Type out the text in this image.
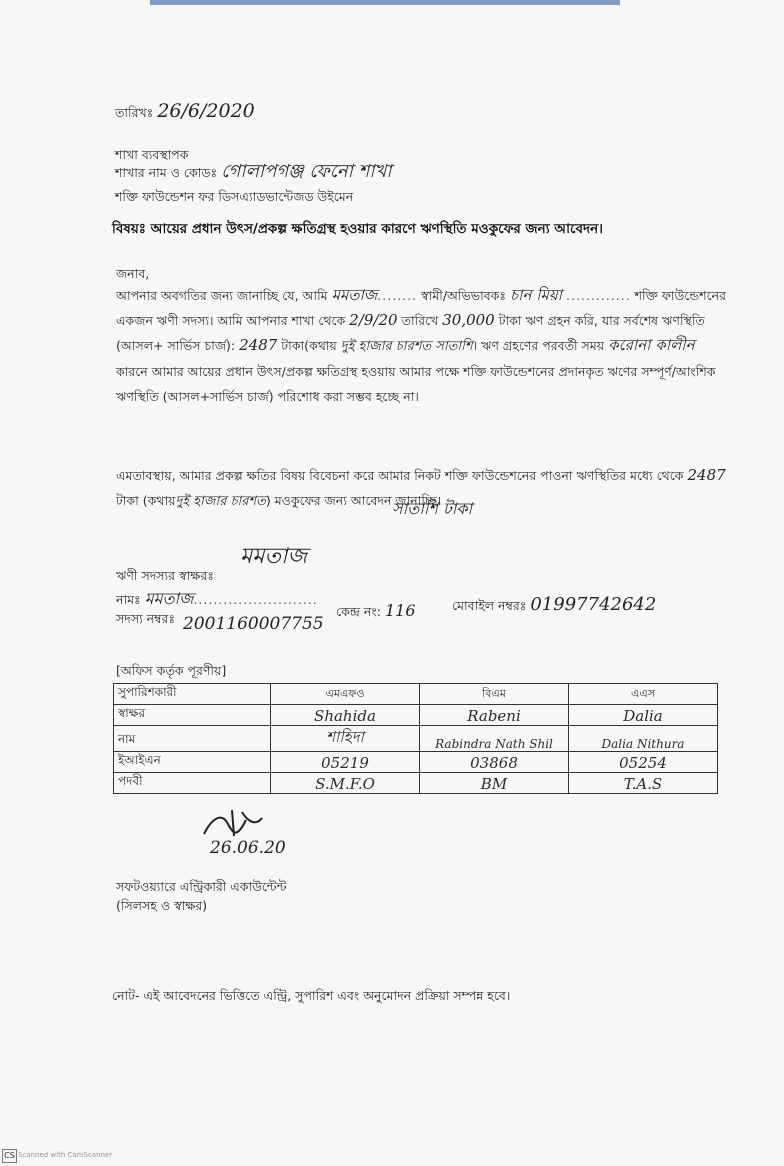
তারিখঃ 26/6/2020
শাখা ব্যবস্থাপক
শাখার নাম ও কোডঃ গোলাপগঞ্জ ফেনো শাখা
শক্তি ফাউন্ডেশন ফর ডিসএ্যাডভান্টেজড উইমেন
বিষয়ঃ আয়ের প্রধান উৎস/প্রকল্প ক্ষতিগ্রস্থ হওয়ার কারণে ঋণস্থিতি মওকুফের জন্য আবেদন।
জনাব,
আপনার অবগতির জন্য জানাচ্ছি যে, আমি মমতাজ........ স্বামী/অভিভাবকঃ চান মিয়া ............. শক্তি ফাউন্ডেশনের একজন ঋণী সদস্য। আমি আপনার শাখা থেকে 2/9/20 তারিখে 30,000 টাকা ঋণ গ্রহন করি, যার সর্বশেষ ঋণস্থিতি (আসল+ সার্ভিস চার্জ): 2487 টাকা(কথায় দুই হাজার চারশত সাতাশি। ঋণ গ্রহণের পরবর্তী সময় করোনা কালীন কারনে আমার আয়ের প্রধান উৎস/প্রকল্প ক্ষতিগ্রস্থ হওয়ায় আমার পক্ষে শক্তি ফাউন্ডেশনের প্রদানকৃত ঋণের সম্পূর্ণ/আংশিক ঋণস্থিতি (আসল+সার্ভিস চার্জ) পরিশোধ করা সম্ভব হচ্ছে না।
এমতাবস্থায়, আমার প্রকল্প ক্ষতির বিষয় বিবেচনা করে আমার নিকট শক্তি ফাউন্ডেশনের পাওনা ঋণস্থিতির মধ্যে থেকে 2487 টাকা (কথায়দুই হাজার চারশত) মওকুফের জন্য আবেদন জানাচ্ছি।
সাতাশি টাকা
ঋণী সদস্যর স্বাক্ষরঃ
মমতাজ
নামঃ মমতাজ.........................
সদস্য নম্বরঃ 2001160007755
কেন্দ্র নং: 116	মোবাইল নম্বরঃ 01997742642
[অফিস কর্তৃক পূরণীয়]
সুপারিশকারী	এমএফও	বিএম	এএস
স্বাক্ষর	Shahida	Rabeni	Dalia
নাম	শাহিদা	Rabindra Nath Shil	Dalia Nithura
ইআইএন	05219	03868	05254
পদবী	S.M.F.O	BM	T.A.S
26.06.20
সফটওয়্যারে এন্ট্রিকারী একাউন্টেন্ট
(সিলসহ ও স্বাক্ষর)
নোট- এই আবেদনের ভিত্তিতে এন্ট্রি, সুপারিশ এবং অনুমোদন প্রক্রিয়া সম্পন্ন হবে।
CS Scanned with CamScanner
